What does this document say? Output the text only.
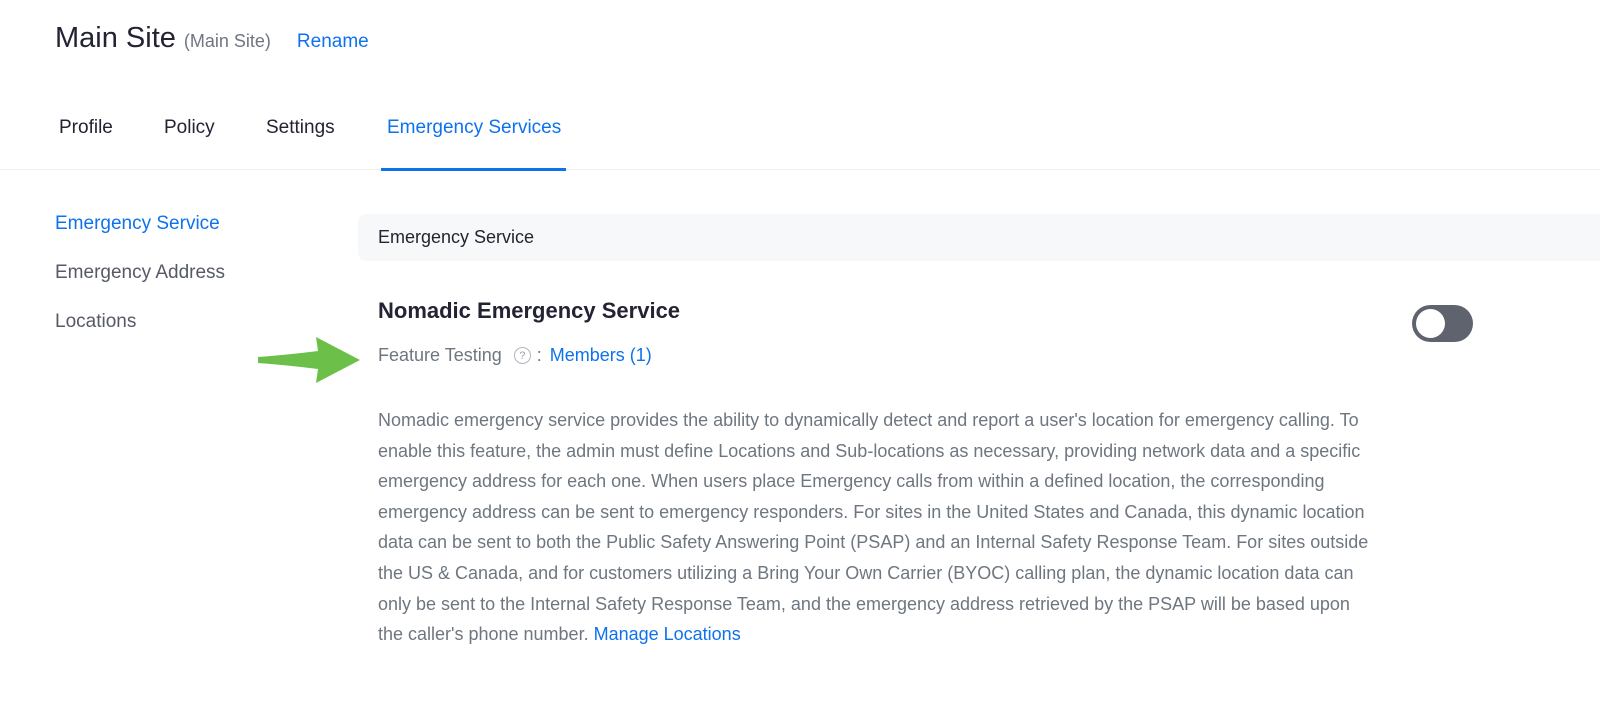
Main Site (Main Site) Rename
Profile	Policy	Settings	Emergency Services
Emergency Service
Emergency Address
Locations
Emergency Service
Nomadic Emergency Service
Feature Testing	? : Members (1)

Nomadic emergency service provides the ability to dynamically detect and report a user's location for emergency calling. To enable this feature, the admin must define Locations and Sub-locations as necessary, providing network data and a specific emergency address for each one. When users place Emergency calls from within a defined location, the corresponding emergency address can be sent to emergency responders. For sites in the United States and Canada, this dynamic location data can be sent to both the Public Safety Answering Point (PSAP) and an Internal Safety Response Team. For sites outside the US & Canada, and for customers utilizing a Bring Your Own Carrier (BYOC) calling plan, the dynamic location data can only be sent to the Internal Safety Response Team, and the emergency address retrieved by the PSAP will be based upon the caller's phone number. Manage Locations
